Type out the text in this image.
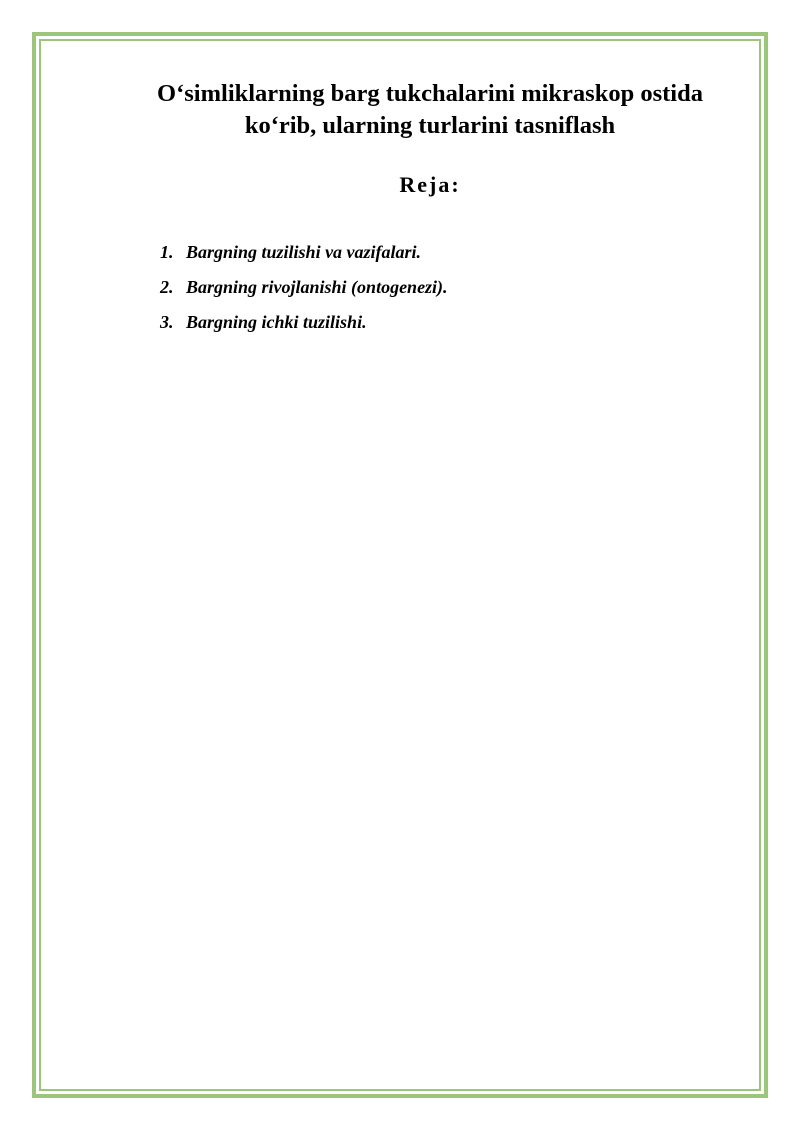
O‘simliklarning barg tukchalarini mikraskop ostida
ko‘rib, ularning turlarini tasniflash
Reja:
1. Bargning tuzilishi va vazifalari.
2. Bargning rivojlanishi (ontogenezi).
3. Bargning ichki tuzilishi.
